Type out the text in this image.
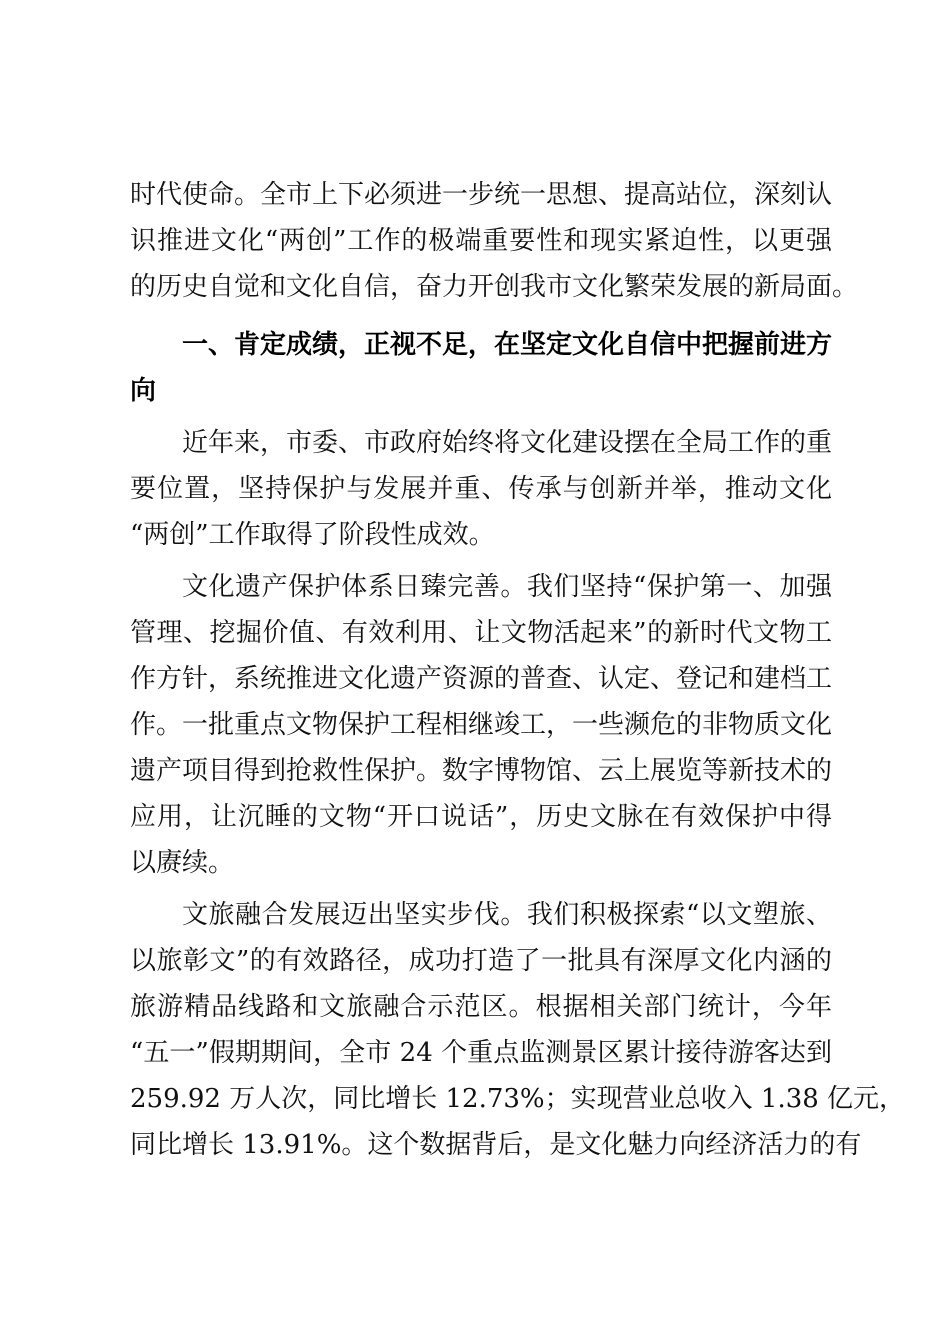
时代使命。全市上下必须进一步统一思想、提高站位，深刻认
识推进文化“两创”工作的极端重要性和现实紧迫性，以更强
的历史自觉和文化自信，奋力开创我市文化繁荣发展的新局面。
一、肯定成绩，正视不足，在坚定文化自信中把握前进方
向
近年来，市委、市政府始终将文化建设摆在全局工作的重
要位置，坚持保护与发展并重、传承与创新并举，推动文化
“两创”工作取得了阶段性成效。
文化遗产保护体系日臻完善。我们坚持“保护第一、加强
管理、挖掘价值、有效利用、让文物活起来”的新时代文物工
作方针，系统推进文化遗产资源的普查、认定、登记和建档工
作。一批重点文物保护工程相继竣工，一些濒危的非物质文化
遗产项目得到抢救性保护。数字博物馆、云上展览等新技术的
应用，让沉睡的文物“开口说话”，历史文脉在有效保护中得
以赓续。
文旅融合发展迈出坚实步伐。我们积极探索“以文塑旅、
以旅彰文”的有效路径，成功打造了一批具有深厚文化内涵的
旅游精品线路和文旅融合示范区。根据相关部门统计，今年
“五一”假期期间，全市 24 个重点监测景区累计接待游客达到
259.92 万人次，同比增长 12.73%；实现营业总收入 1.38 亿元，
同比增长 13.91%。这个数据背后，是文化魅力向经济活力的有
